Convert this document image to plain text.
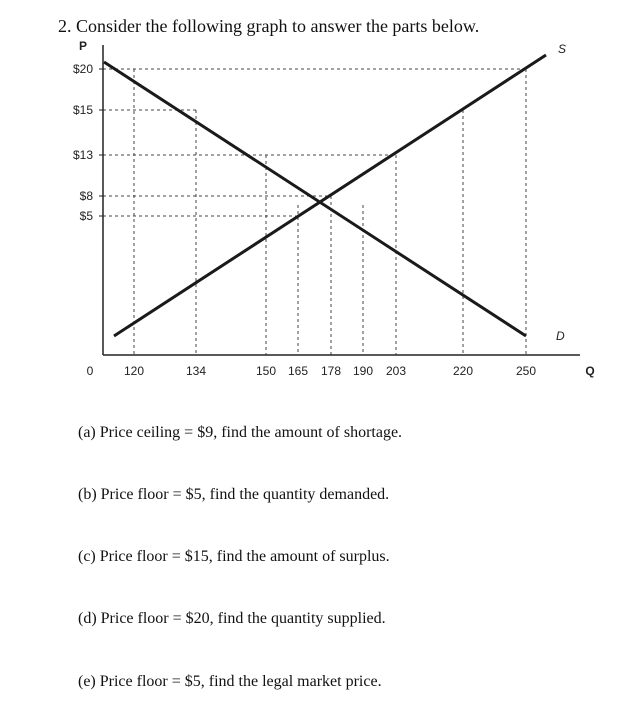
2. Consider the following graph to answer the parts below.
$20
$15
$13
$8
$5
120	134	150 165 178 190 203	220	250
S
D
P
Q
0
(a) Price ceiling = $9, find the amount of shortage.
(b) Price floor = $5, find the quantity demanded.
(c) Price floor = $15, find the amount of surplus.
(d) Price floor = $20, find the quantity supplied.
(e) Price floor = $5, find the legal market price.
